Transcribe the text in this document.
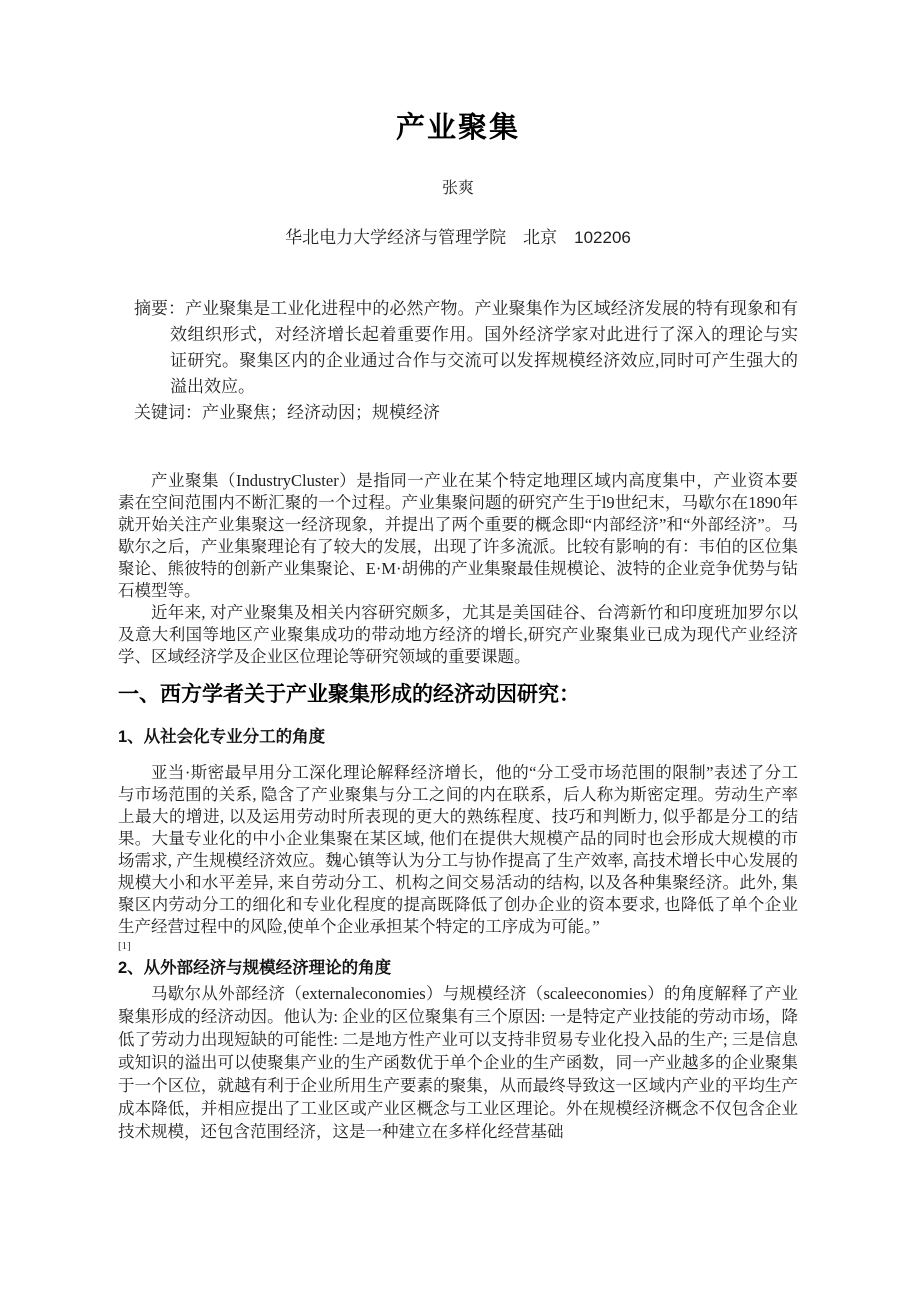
产业聚集

张爽

华北电力大学经济与管理学院　北京　102206

摘要：产业聚集是工业化进程中的必然产物。产业聚集作为区域经济发展的特有现象和有效组织形式，对经济增长起着重要作用。国外经济学家对此进行了深入的理论与实证研究。聚集区内的企业通过合作与交流可以发挥规模经济效应,同时可产生强大的溢出效应。

关键词：产业聚焦；经济动因；规模经济

产业聚集（IndustryCluster）是指同一产业在某个特定地理区域内高度集中，产业资本要素在空间范围内不断汇聚的一个过程。产业集聚问题的研究产生于l9世纪末，马歇尔在1890年就开始关注产业集聚这一经济现象，并提出了两个重要的概念即“内部经济”和“外部经济”。马歇尔之后，产业集聚理论有了较大的发展，出现了许多流派。比较有影响的有：韦伯的区位集聚论、熊彼特的创新产业集聚论、E·M·胡佛的产业集聚最佳规模论、波特的企业竞争优势与钻石模型等。

近年来, 对产业聚集及相关内容研究颇多，尤其是美国硅谷、台湾新竹和印度班加罗尔以及意大利国等地区产业聚集成功的带动地方经济的增长,研究产业聚集业已成为现代产业经济学、区域经济学及企业区位理论等研究领域的重要课题。

一、西方学者关于产业聚集形成的经济动因研究：
1、从社会化专业分工的角度

亚当·斯密最早用分工深化理论解释经济增长，他的“分工受市场范围的限制”表述了分工与市场范围的关系, 隐含了产业聚集与分工之间的内在联系，后人称为斯密定理。劳动生产率上最大的增进, 以及运用劳动时所表现的更大的熟练程度、技巧和判断力, 似乎都是分工的结果。大量专业化的中小企业集聚在某区域, 他们在提供大规模产品的同时也会形成大规模的市场需求, 产生规模经济效应。魏心镇等认为分工与协作提高了生产效率, 高技术增长中心发展的规模大小和水平差异, 来自劳动分工、机构之间交易活动的结构, 以及各种集聚经济。此外, 集聚区内劳动分工的细化和专业化程度的提高既降低了创办企业的资本要求, 也降低了单个企业生产经营过程中的风险,使单个企业承担某个特定的工序成为可能。”

[1]

2、从外部经济与规模经济理论的角度

马歇尔从外部经济（externaleconomies）与规模经济（scaleeconomies）的角度解释了产业聚集形成的经济动因。他认为: 企业的区位聚集有三个原因: 一是特定产业技能的劳动市场，降低了劳动力出现短缺的可能性: 二是地方性产业可以支持非贸易专业化投入品的生产; 三是信息或知识的溢出可以使聚集产业的生产函数优于单个企业的生产函数，同一产业越多的企业聚集于一个区位，就越有利于企业所用生产要素的聚集，从而最终导致这一区域内产业的平均生产成本降低，并相应提出了工业区或产业区概念与工业区理论。外在规模经济概念不仅包含企业技术规模，还包含范围经济，这是一种建立在多样化经营基础
